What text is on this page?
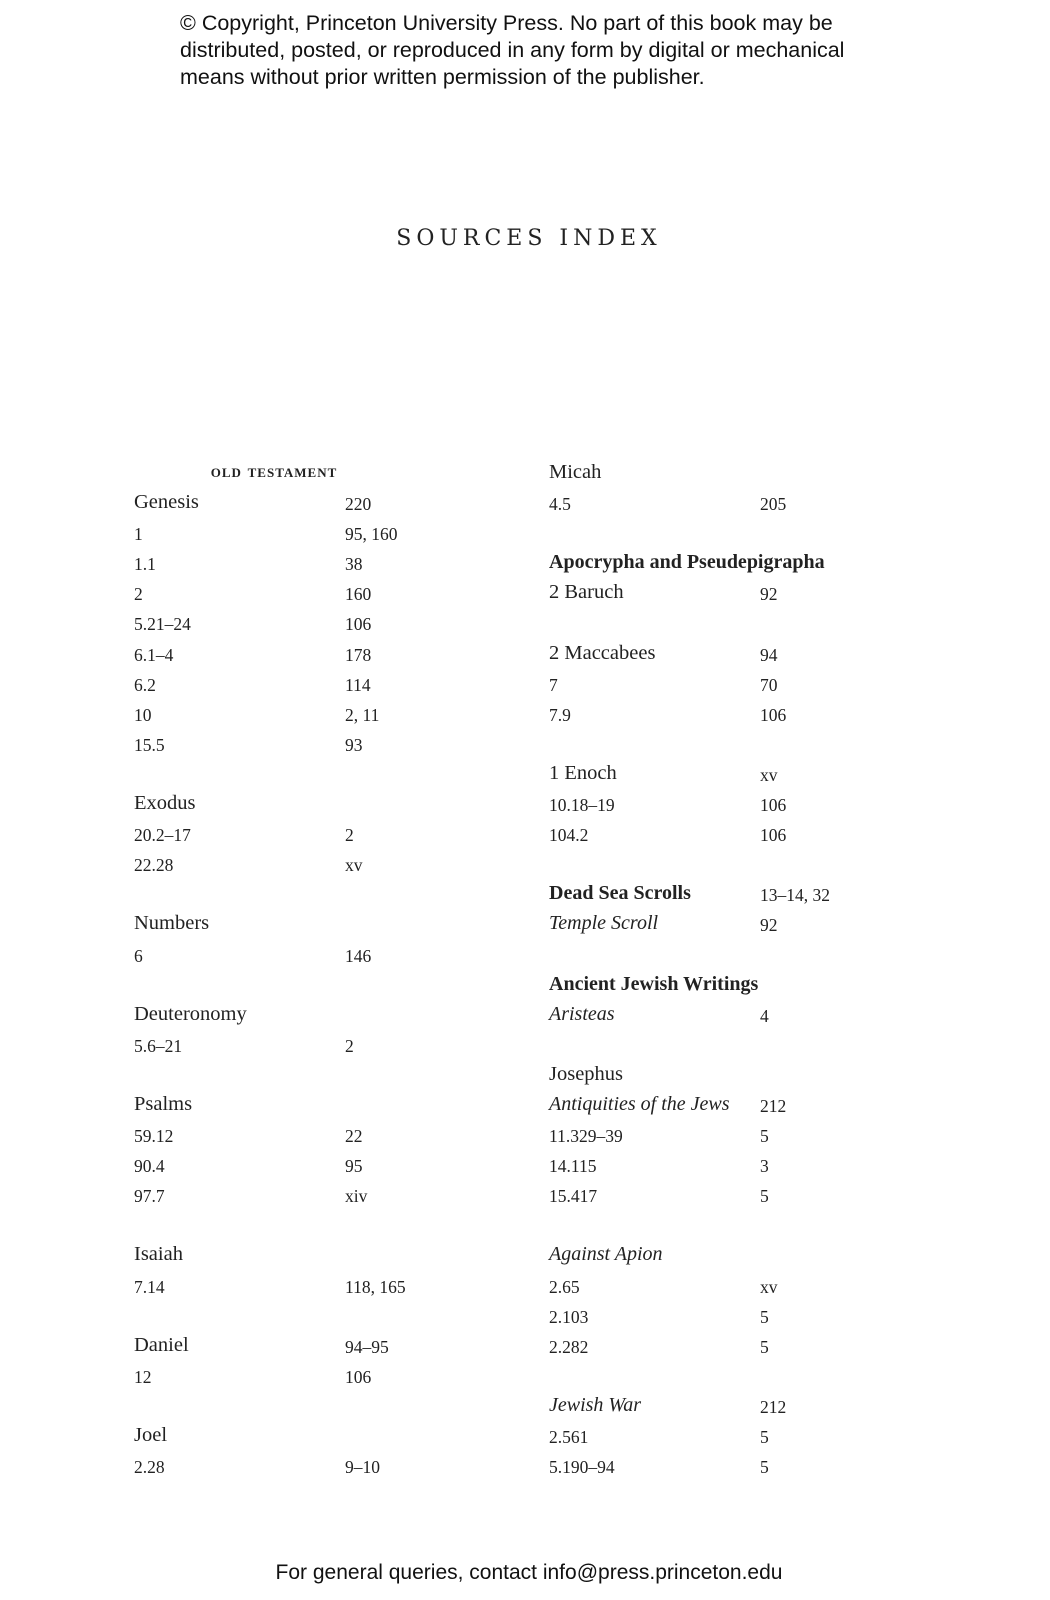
© Copyright, Princeton University Press. No part of this book may be distributed, posted, or reproduced in any form by digital or mechanical means without prior written permission of the publisher.
SOURCES INDEX
old testament
Genesis	220
1	95, 160
1.1	38
2	160
5.21–24	106
6.1–4	178
6.2	114
10	2, 11
15.5	93
Exodus
20.2–17	2
22.28	xv
Numbers
6	146
Deuteronomy
5.6–21	2
Psalms
59.12	22
90.4	95
97.7	xiv
Isaiah
7.14	118, 165
Daniel	94–95
12	106
Joel
2.28	9–10
Micah
4.5	205
Apocrypha and Pseudepigrapha
2 Baruch	92
2 Maccabees	94
7	70
7.9	106
1 Enoch	xv
10.18–19	106
104.2	106
Dead Sea Scrolls	13–14, 32
Temple Scroll	92
Ancient Jewish Writings
Aristeas	4
Josephus
Antiquities of the Jews 212
11.329–39	5
14.115	3
15.417	5
Against Apion
2.65	xv
2.103	5
2.282	5
Jewish War	212
2.561	5
5.190–94	5
For general queries, contact info@press.princeton.edu
